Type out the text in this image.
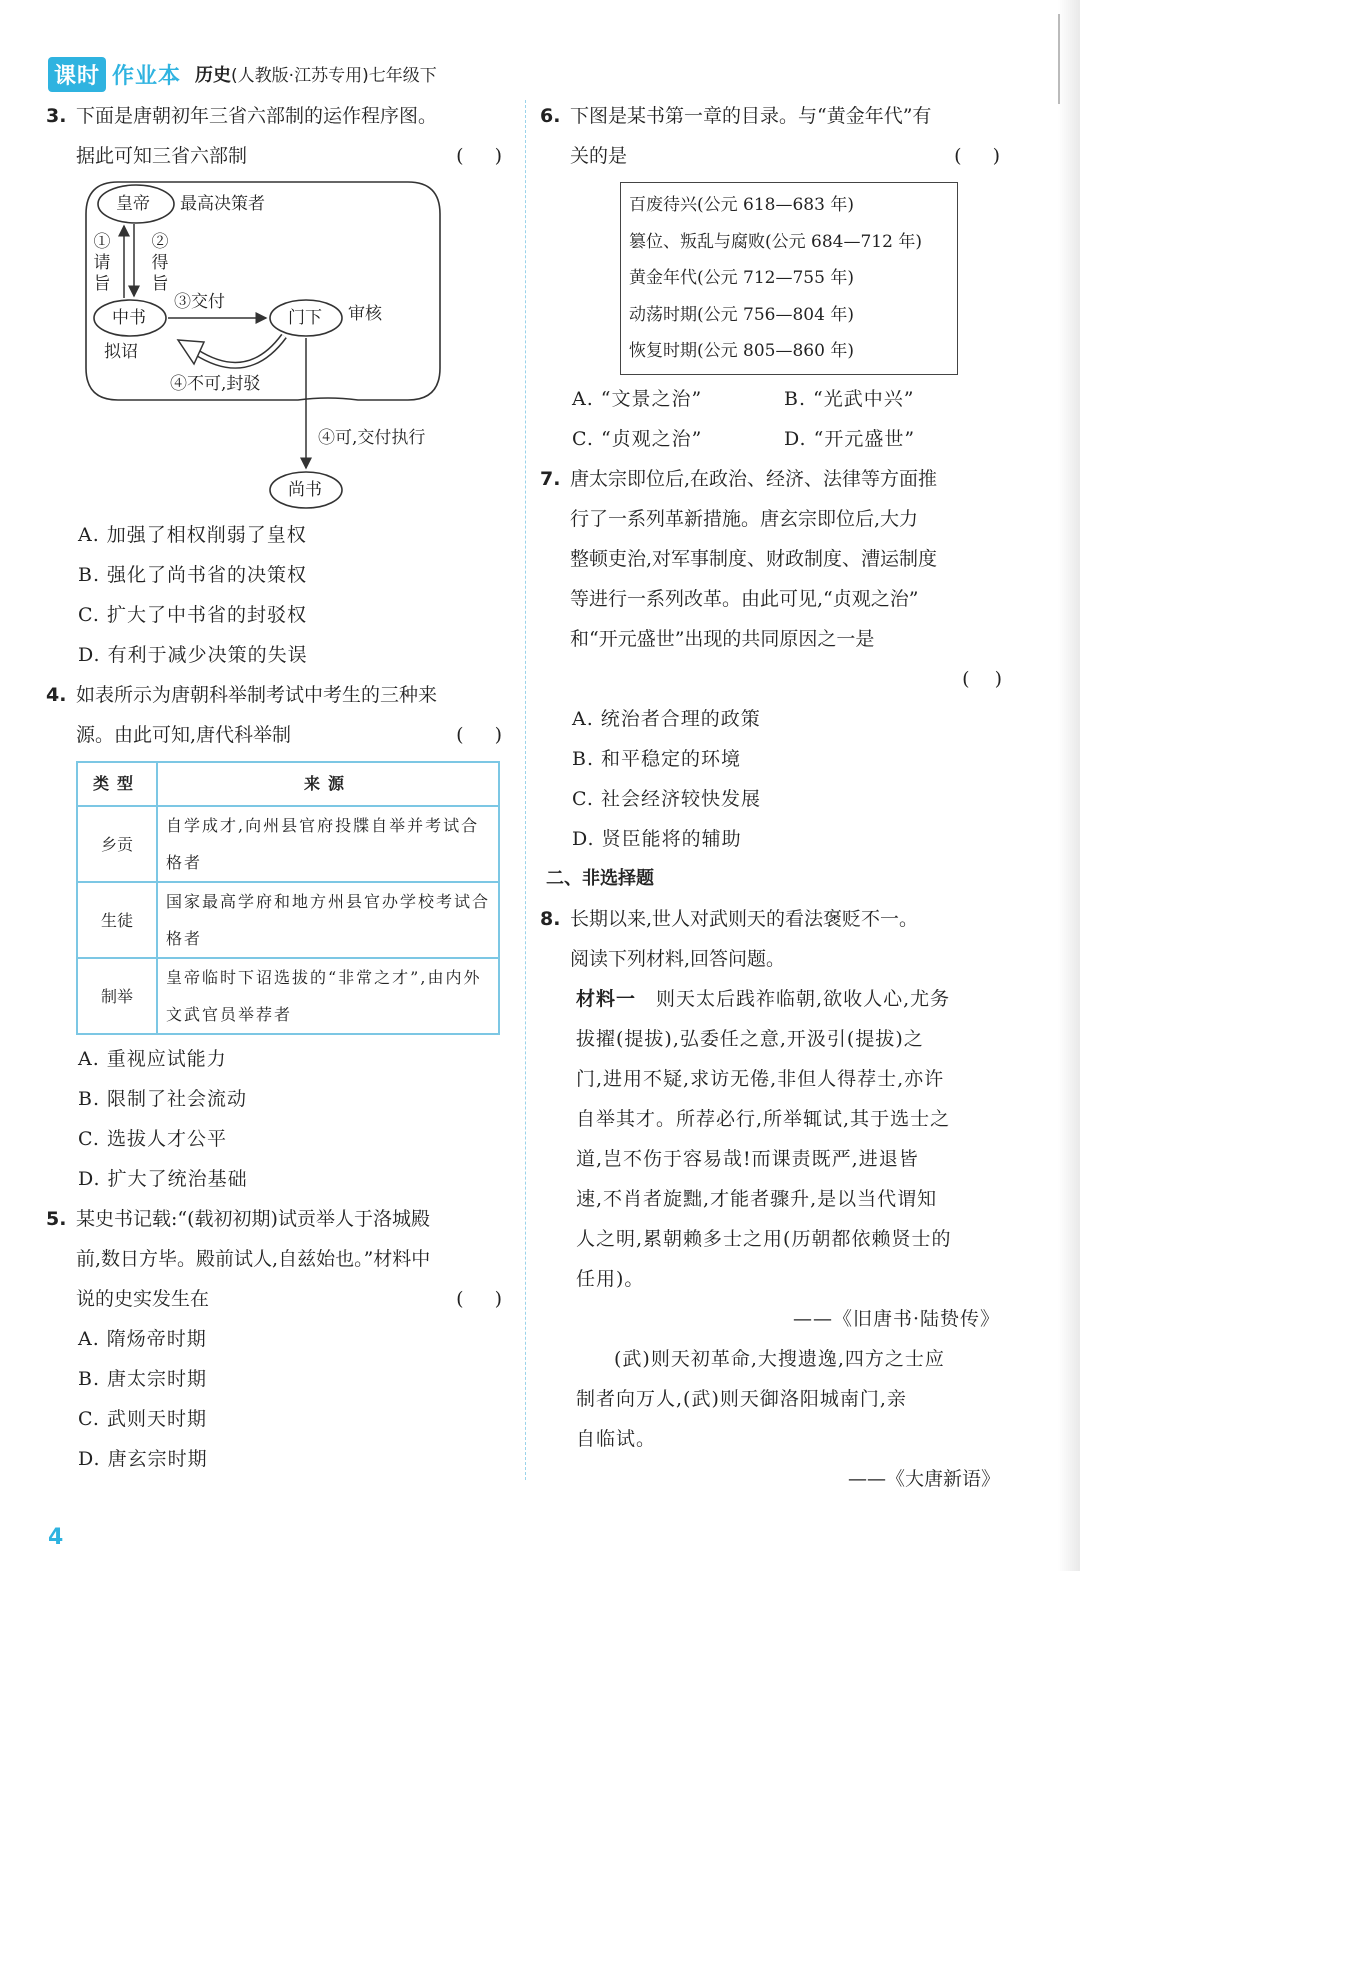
课时 作业本 历史(人教版·江苏专用)七年级下
3. 下面是唐朝初年三省六部制的运作程序图。
据此可知三省六部制	(　 )
皇帝 最高决策者
①请旨
②得旨
中书
拟诏
③交付
门下 审核
④不可,封驳
④可,交付执行
尚书
A. 加强了相权削弱了皇权
B. 强化了尚书省的决策权
C. 扩大了中书省的封驳权
D. 有利于减少决策的失误
4. 如表所示为唐朝科举制考试中考生的三种来
源。由此可知,唐代科举制	(　 )
类型	来源
乡贡	自学成才,向州县官府投牒自举并考试合格者
生徒	国家最高学府和地方州县官办学校考试合格者
制举	皇帝临时下诏选拔的“非常之才”,由内外文武官员举荐者
A. 重视应试能力
B. 限制了社会流动
C. 选拔人才公平
D. 扩大了统治基础
5. 某史书记载:“(载初初期)试贡举人于洛城殿
前,数日方毕。殿前试人,自兹始也。”材料中
说的史实发生在	(　 )
A. 隋炀帝时期
B. 唐太宗时期
C. 武则天时期
D. 唐玄宗时期
6. 下图是某书第一章的目录。与“黄金年代”有
关的是	(　 )
百废待兴(公元 618—683 年)
篡位、叛乱与腐败(公元 684—712 年)
黄金年代(公元 712—755 年)
动荡时期(公元 756—804 年)
恢复时期(公元 805—860 年)
A. “文景之治”	B. “光武中兴”
C. “贞观之治”	D. “开元盛世”
7. 唐太宗即位后,在政治、经济、法律等方面推
行了一系列革新措施。唐玄宗即位后,大力
整顿吏治,对军事制度、财政制度、漕运制度
等进行一系列改革。由此可见,“贞观之治”
和“开元盛世”出现的共同原因之一是
(　 )
A. 统治者合理的政策
B. 和平稳定的环境
C. 社会经济较快发展
D. 贤臣能将的辅助
二、非选择题
8. 长期以来,世人对武则天的看法褒贬不一。
阅读下列材料,回答问题。
材料一　 则天太后践祚临朝,欲收人心,尤务
拔擢(提拔),弘委任之意,开汲引(提拔)之
门,进用不疑,求访无倦,非但人得荐士,亦许
自举其才。所荐必行,所举辄试,其于选士之
道,岂不伤于容易哉!而课责既严,进退皆
速,不肖者旋黜,才能者骤升,是以当代谓知
人之明,累朝赖多士之用(历朝都依赖贤士的
任用)。
——《旧唐书·陆贽传》
(武)则天初革命,大搜遗逸,四方之士应
制者向万人,(武)则天御洛阳城南门,亲
自临试。
——《大唐新语》
4
